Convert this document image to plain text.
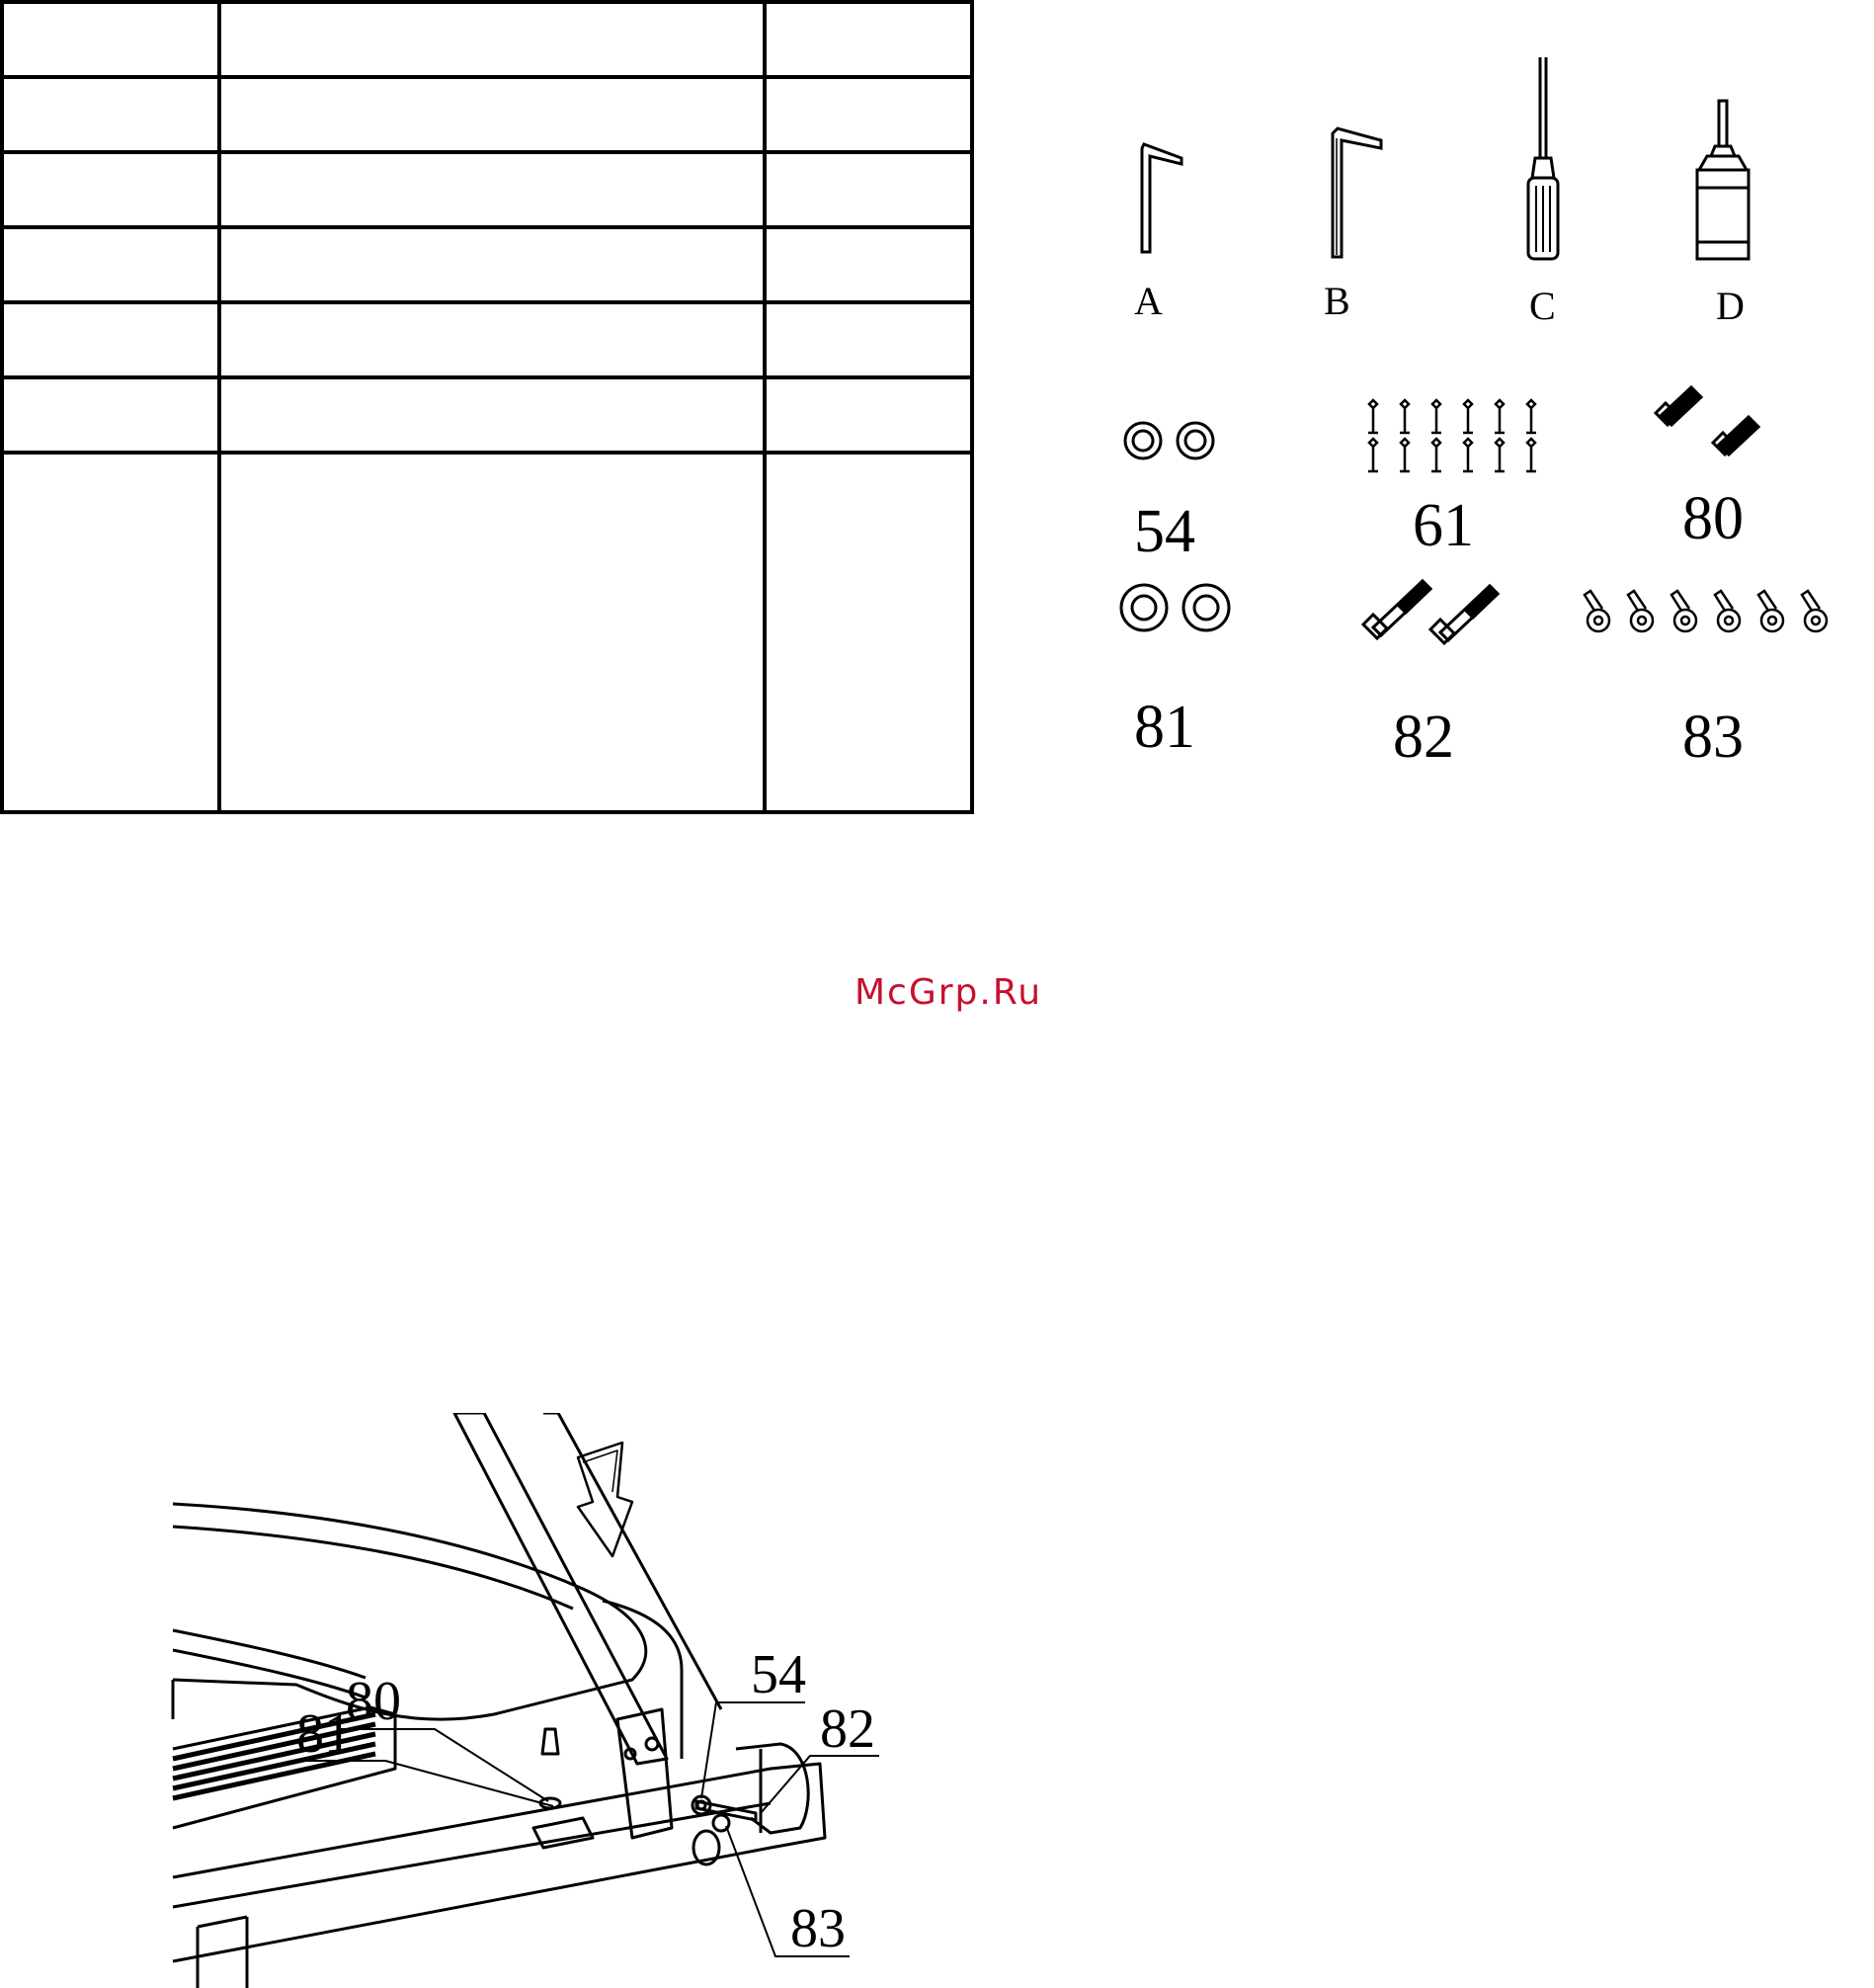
A	B	C	D
54	61	80
81	82	83
McGrp.Ru
81
80	54
82
83
